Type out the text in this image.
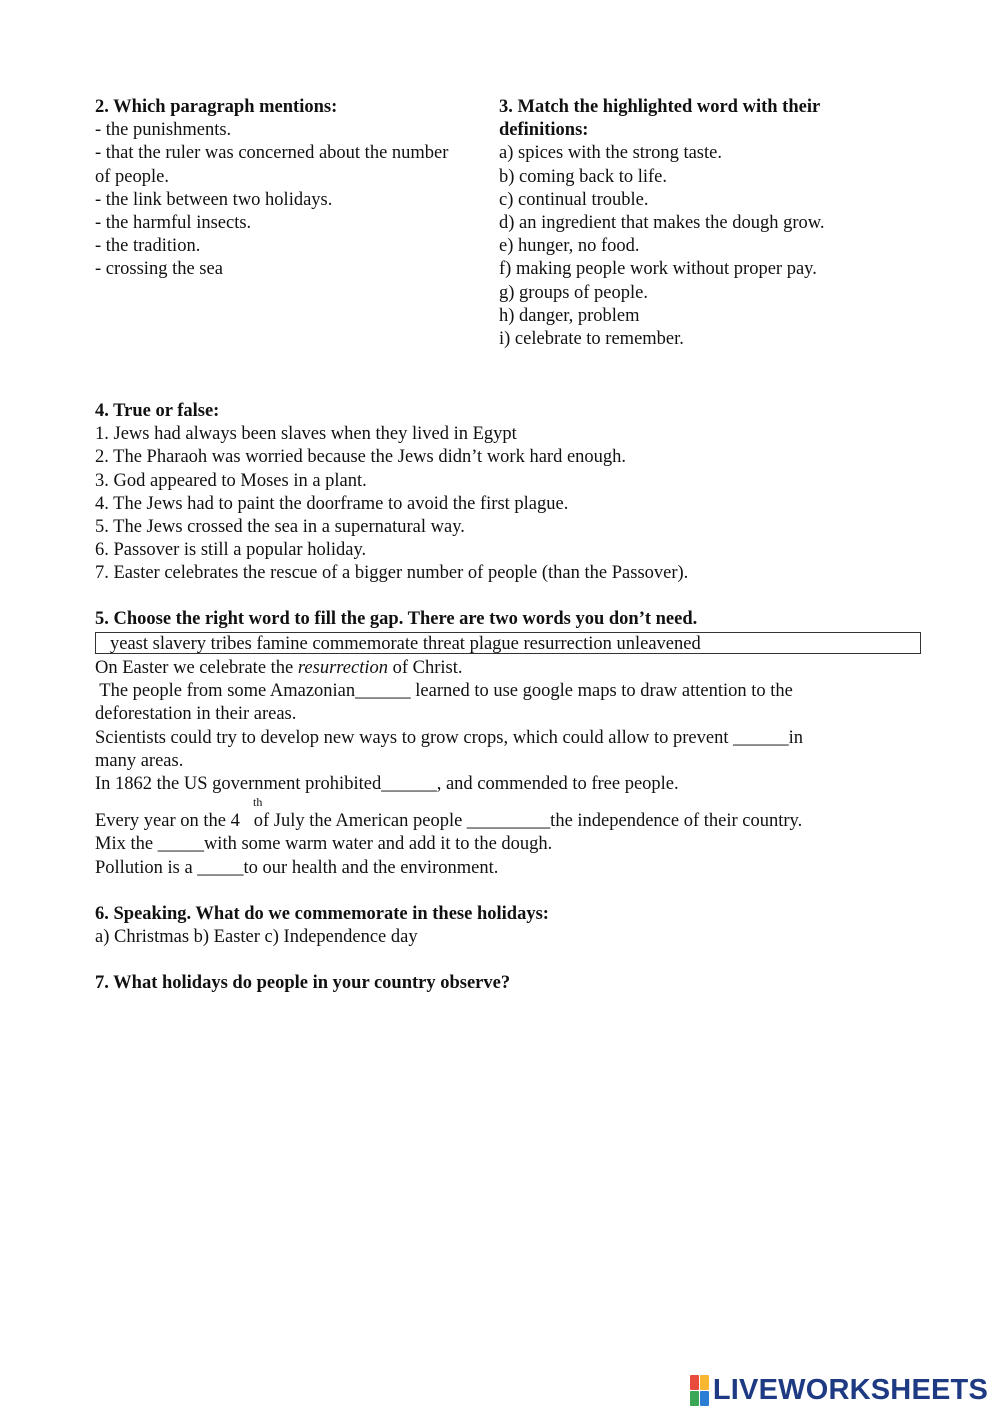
2. Which paragraph mentions:
- the punishments.
- that the ruler was concerned about the number
of people.
- the link between two holidays.
- the harmful insects.
- the tradition.
- crossing the sea
3. Match the highlighted word with their
definitions:
a) spices with the strong taste.
b) coming back to life.
c) continual trouble.
d) an ingredient that makes the dough grow.
e) hunger, no food.
f) making people work without proper pay.
g) groups of people.
h) danger, problem
i) celebrate to remember.
4. True or false:
1. Jews had always been slaves when they lived in Egypt
2. The Pharaoh was worried because the Jews didn’t work hard enough.
3. God appeared to Moses in a plant.
4. The Jews had to paint the doorframe to avoid the first plague.
5. The Jews crossed the sea in a supernatural way.
6. Passover is still a popular holiday.
7. Easter celebrates the rescue of a bigger number of people (than the Passover).
5. Choose the right word to fill the gap. There are two words you don’t need.
yeast slavery tribes famine commemorate threat plague resurrection unleavened
On Easter we celebrate the resurrection of Christ.
The people from some Amazonian______ learned to use google maps to draw attention to the
deforestation in their areas.
Scientists could try to develop new ways to grow crops, which could allow to prevent ______in
many areas.
In 1862 the US government prohibited______, and commended to free people.
Every year on the 4   of July the American people _________the independence of their country.
Mix the _____with some warm water and add it to the dough.
Pollution is a _____to our health and the environment.
th
6. Speaking. What do we commemorate in these holidays:
a) Christmas b) Easter c) Independence day
7. What holidays do people in your country observe?
LIVEWORKSHEETS
